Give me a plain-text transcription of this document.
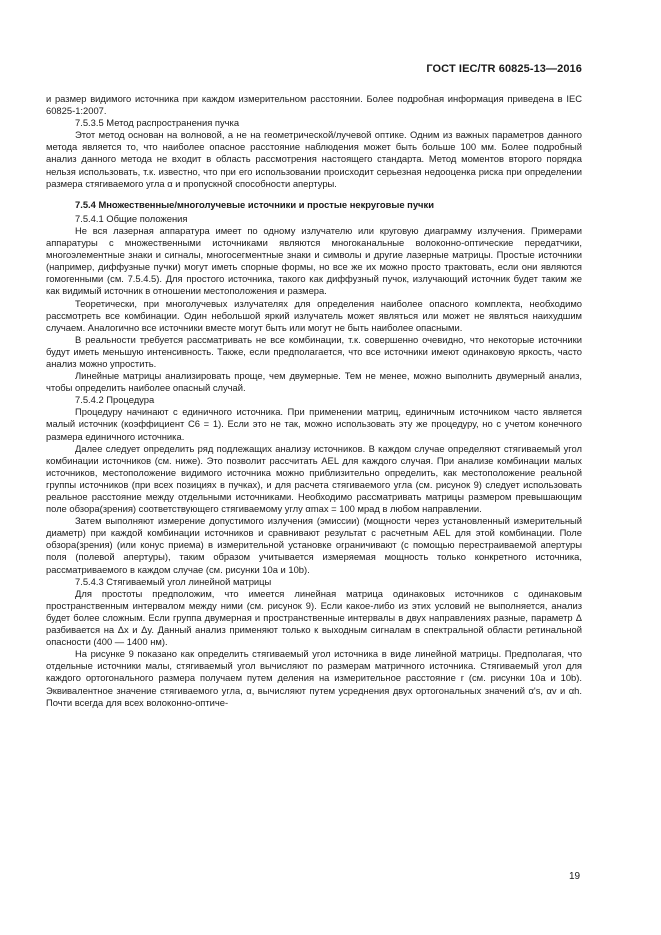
ГОСТ IEC/TR 60825-13—2016

и размер видимого источника при каждом измерительном расстоянии. Более подробная информация приведена в IEC 60825-1:2007.

7.5.3.5 Метод распространения пучка

Этот метод основан на волновой, а не на геометрической/лучевой оптике. Одним из важных параметров данного метода является то, что наиболее опасное расстояние наблюдения может быть больше 100 мм. Более подробный анализ данного метода не входит в область рассмотрения настоящего стандарта. Метод моментов второго порядка нельзя использовать, т.к. известно, что при его использовании происходит серьезная недооценка риска при определении размера стягиваемого угла α и пропускной способности апертуры.

7.5.4 Множественные/многолучевые источники и простые некруговые пучки

7.5.4.1 Общие положения

Не вся лазерная аппаратура имеет по одному излучателю или круговую диаграмму излучения. Примерами аппаратуры с множественными источниками являются многоканальные волоконно-оптические передатчики, многоэлементные знаки и сигналы, многосегментные знаки и символы и другие лазерные матрицы. Простые источники (например, диффузные пучки) могут иметь спорные формы, но все же их можно просто трактовать, если они являются гомогенными (см. 7.5.4.5). Для простого источника, такого как диффузный пучок, излучающий источник будет таким же как видимый источник в отношении местоположения и размера.

Теоретически, при многолучевых излучателях для определения наиболее опасного комплекта, необходимо рассмотреть все комбинации. Один небольшой яркий излучатель может являться или может не являться наихудшим случаем. Аналогично все источники вместе могут быть или могут не быть наиболее опасными.

В реальности требуется рассматривать не все комбинации, т.к. совершенно очевидно, что некоторые источники будут иметь меньшую интенсивность. Также, если предполагается, что все источники имеют одинаковую яркость, часто анализ можно упростить.

Линейные матрицы анализировать проще, чем двумерные. Тем не менее, можно выполнить двумерный анализ, чтобы определить наиболее опасный случай.

7.5.4.2 Процедура

Процедуру начинают с единичного источника. При применении матриц, единичным источником часто является малый источник (коэффициент C6 = 1). Если это не так, можно использовать эту же процедуру, но с учетом конечного размера единичного источника.

Далее следует определить ряд подлежащих анализу источников. В каждом случае определяют стягиваемый угол комбинации источников (см. ниже). Это позволит рассчитать AEL для каждого случая. При анализе комбинации малых источников, местоположение видимого источника можно приблизительно определить, как местоположение реальной группы источников (при всех позициях в пучках), и для расчета стягиваемого угла (см. рисунок 9) следует использовать реальное расстояние между отдельными источниками. Необходимо рассматривать матрицы размером превышающим поле обзора(зрения) соответствующего стягиваемому углу αmax = 100 мрад в любом направлении.

Затем выполняют измерение допустимого излучения (эмиссии) (мощности через установленный измерительный диаметр) при каждой комбинации источников и сравнивают результат с расчетным AEL для этой комбинации. Поле обзора(зрения) (или конус приема) в измерительной установке ограничивают (с помощью перестраиваемой апертуры поля (полевой апертуры), таким образом учитывается измеряемая мощность только конкретного источника, рассматриваемого в каждом случае (см. рисунки 10a и 10b).

7.5.4.3 Стягиваемый угол линейной матрицы

Для простоты предположим, что имеется линейная матрица одинаковых источников с одинаковым пространственным интервалом между ними (см. рисунок 9). Если какое-либо из этих условий не выполняется, анализ будет более сложным. Если группа двумерная и пространственные интервалы в двух направлениях разные, параметр Δ разбивается на Δx и Δy. Данный анализ применяют только к выходным сигналам в спектральной области ретинальной опасности (400 — 1400 нм).

На рисунке 9 показано как определить стягиваемый угол источника в виде линейной матрицы. Предполагая, что отдельные источники малы, стягиваемый угол вычисляют по размерам матричного источника. Стягиваемый угол для каждого ортогонального размера получаем путем деления на измерительное расстояние r (см. рисунки 10a и 10b). Эквивалентное значение стягиваемого угла, α, вычисляют путем усреднения двух ортогональных значений α's, αv и αh. Почти всегда для всех волоконно-оптиче-

19
